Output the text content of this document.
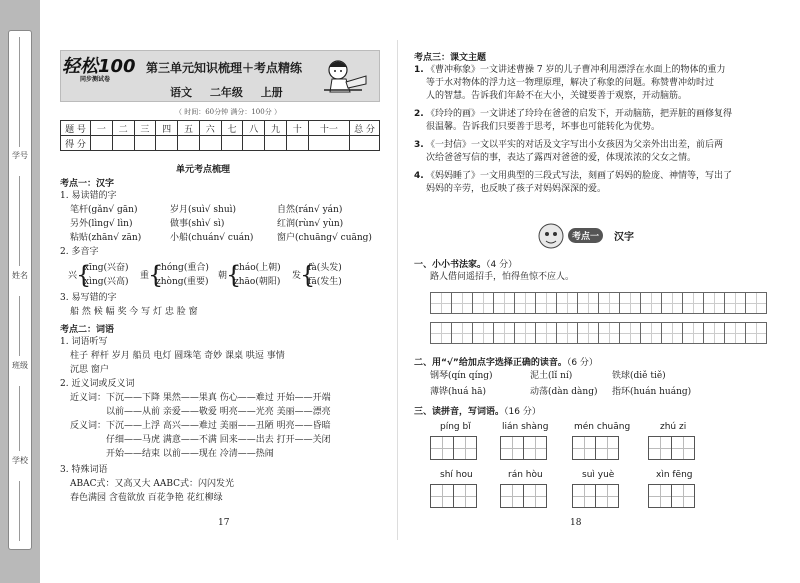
学号
姓名
班级
学校
轻松100
同步测试卷
第三单元知识梳理＋考点精练
语文 二年级 上册
（ 时间：60分钟 满分：100分 ）
题 号	一	二	三	四	五	六	七	八	九	十	十一	总 分
得 分												
单元考点梳理
考点一：汉字
1. 易读错的字
笔杆(gǎn√ gān)	岁月(suì√ shuì)	自然(rán√ yán)
另外(lìng√ lìn)	做事(shì√ sì)	红润(rùn√ yùn)
粘贴(zhān√ zān)	小船(chuán√ cuán)	窗户(chuāng√ cuāng)
2. 多音字
兴
{
xīng(兴奋)
xìng(兴高)
重
{
chóng(重合)
zhòng(重要)
朝
{
cháo(上朝)
zhāo(朝阳)
发
{
fà(头发)
fā(发生)
3. 易写错的字
船 然 候 幅 奖 今 写 灯 忠 脸 窗
考点二：词语
1. 词语听写
柱子 秤杆 岁月 船员 电灯 圆珠笔 奇妙 课桌 哄逗 事情
沉思 窗户
2. 近义词或反义词
近义词： 下沉——下降 果然——果真 伤心——难过 开始——开端
以前——从前 亲爱——敬爱 明亮——光亮 美丽——漂亮
反义词： 下沉——上浮 高兴——难过 美丽——丑陋 明亮——昏暗
仔细——马虎 满意——不满 回来——出去 打开——关闭
开始——结束 以前——现在 冷清——热闹
3. 特殊词语
ABAC式：又高又大 AABC式：闪闪发光
春色满园 含苞欲放 百花争艳 花红柳绿
17
考点三：课文主题
1. 《曹冲称象》一文讲述曹操 7 岁的儿子曹冲利用漂浮在水面上的物体的重力
等于水对物体的浮力这一物理原理，解决了称象的问题。称赞曹冲幼时过
人的智慧。告诉我们年龄不在大小，关键要善于观察，开动脑筋。
2. 《玲玲的画》一文讲述了玲玲在爸爸的启发下，开动脑筋，把弄脏的画修复得
很温馨。告诉我们只要善于思考，坏事也可能转化为优势。
3. 《一封信》一文以平实的对话及文字写出小女孩因为父亲外出出差，前后两
次给爸爸写信的事，表达了露西对爸爸的爱，体现浓浓的父女之情。
4. 《妈妈睡了》一文用典型的三段式写法，刻画了妈妈的脸庞、神情等，写出了
妈妈的辛劳，也反映了孩子对妈妈深深的爱。
考点一	汉字
一、小小书法家。（4 分）
路人借问遥招手，怕得鱼惊不应人。
二、用“√”给加点字选择正确的读音。（6 分）
钢琴(qín qíng)	泥土(lǐ ní)	铁球(diě tiě)
薄铧(huá hā)	动荡(dàn dàng) 指环(huán huáng)
三、读拼音，写词语。（16 分）
píng bǐ	lián shàng	mén chuāng	zhú zi
shí hou	rán hòu	suì yuè	xìn fēng
18
